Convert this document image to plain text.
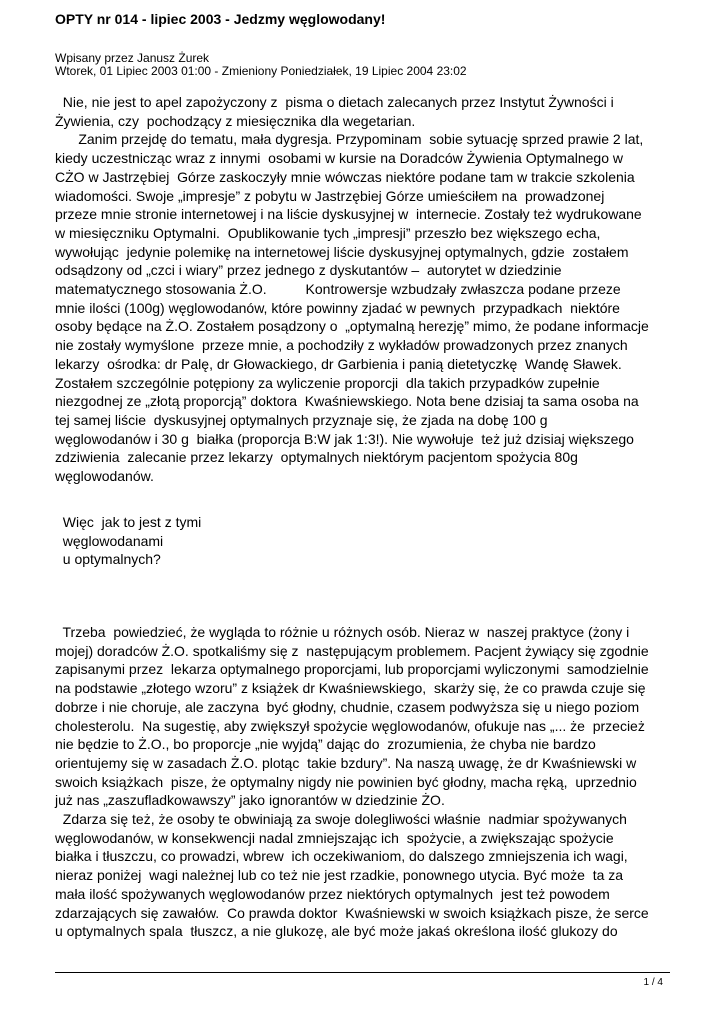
OPTY nr 014 - lipiec 2003 - Jedzmy węglowodany!
Wpisany przez Janusz Żurek
Wtorek, 01 Lipiec 2003 01:00 - Zmieniony Poniedziałek, 19 Lipiec 2004 23:02
Nie, nie jest to apel zapożyczony z  pisma o dietach zalecanych przez Instytut Żywności i
Żywienia, czy  pochodzący z miesięcznika dla wegetarian.
Zanim przejdę do tematu, mała dygresja. Przypominam  sobie sytuację sprzed prawie 2 lat,
kiedy uczestnicząc wraz z innymi  osobami w kursie na Doradców Żywienia Optymalnego w
CŻO w Jastrzębiej  Górze zaskoczyły mnie wówczas niektóre podane tam w trakcie szkolenia
wiadomości. Swoje „impresje” z pobytu w Jastrzębiej Górze umieściłem na  prowadzonej
przeze mnie stronie internetowej i na liście dyskusyjnej w  internecie. Zostały też wydrukowane
w miesięczniku Optymalni.  Opublikowanie tych „impresji” przeszło bez większego echa,
wywołując  jedynie polemikę na internetowej liście dyskusyjnej optymalnych, gdzie  zostałem
odsądzony od „czci i wiary” przez jednego z dyskutantów –  autorytet w dziedzinie
matematycznego stosowania Ż.O.          Kontrowersje wzbudzały zwłaszcza podane przeze
mnie ilości (100g) węglowodanów, które powinny zjadać w pewnych  przypadkach  niektóre
osoby będące na Ż.O. Zostałem posądzony o  „optymalną herezję” mimo, że podane informacje
nie zostały wymyślone  przeze mnie, a pochodziły z wykładów prowadzonych przez znanych
lekarzy  ośrodka: dr Palę, dr Głowackiego, dr Garbienia i panią dietetyczkę  Wandę Sławek.
Zostałem szczególnie potępiony za wyliczenie proporcji  dla takich przypadków zupełnie
niezgodnej ze „złotą proporcją” doktora  Kwaśniewskiego. Nota bene dzisiaj ta sama osoba na
tej samej liście  dyskusyjnej optymalnych przyznaje się, że zjada na dobę 100 g
węglowodanów i 30 g  białka (proporcja B:W jak 1:3!). Nie wywołuje  też już dzisiaj większego
zdziwienia  zalecanie przez lekarzy  optymalnych niektórym pacjentom spożycia 80g
węglowodanów.
Więc  jak to jest z tymi
węglowodanami
u optymalnych?
Trzeba  powiedzieć, że wygląda to różnie u różnych osób. Nieraz w  naszej praktyce (żony i
mojej) doradców Ż.O. spotkaliśmy się z  następującym problemem. Pacjent żywiący się zgodnie
zapisanymi przez  lekarza optymalnego proporcjami, lub proporcjami wyliczonymi  samodzielnie
na podstawie „złotego wzoru” z książek dr Kwaśniewskiego,  skarży się, że co prawda czuje się
dobrze i nie choruje, ale zaczyna  być głodny, chudnie, czasem podwyższa się u niego poziom
cholesterolu.  Na sugestię, aby zwiększył spożycie węglowodanów, ofukuje nas „... że  przecież
nie będzie to Ż.O., bo proporcje „nie wyjdą” dając do  zrozumienia, że chyba nie bardzo
orientujemy się w zasadach Ż.O. plotąc  takie bzdury”. Na naszą uwagę, że dr Kwaśniewski w
swoich książkach  pisze, że optymalny nigdy nie powinien być głodny, macha ręką,  uprzednio
już nas „zaszufladkowawszy” jako ignorantów w dziedzinie ŻO.
Zdarza się też, że osoby te obwiniają za swoje dolegliwości właśnie  nadmiar spożywanych
węglowodanów, w konsekwencji nadal zmniejszając ich  spożycie, a zwiększając spożycie
białka i tłuszczu, co prowadzi, wbrew  ich oczekiwaniom, do dalszego zmniejszenia ich wagi,
nieraz poniżej  wagi należnej lub co też nie jest rzadkie, ponownego utycia. Być może  ta za
mała ilość spożywanych węglowodanów przez niektórych optymalnych  jest też powodem
zdarzających się zawałów.  Co prawda doktor  Kwaśniewski w swoich książkach pisze, że serce
u optymalnych spala  tłuszcz, a nie glukozę, ale być może jakaś określona ilość glukozy do
1 / 4
